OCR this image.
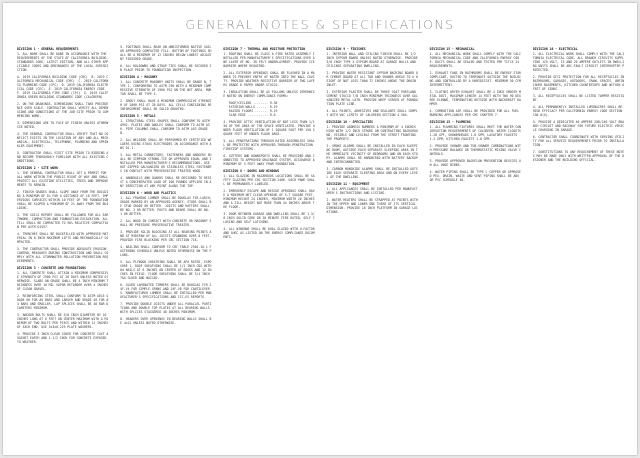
GENERAL NOTES & SPECIFICATIONS
DIVISION 1 - GENERAL REQUIREMENTS
1. ALL WORK SHALL BE DONE IN ACCORDANCE WITH THE REQUIREMENTS OF THE STATE OF CALIFORNIA BUILDING STANDARDS CODE, LATEST EDITION, AND ALL OTHER APPLICABLE CODES AND ORDINANCES OF THE LOCAL JURISDICTION.
A. 2019 CALIFORNIA BUILDING CODE (CBC)  B. 2019 CALIFORNIA MECHANICAL CODE (CMC)  C. 2019 CALIFORNIA PLUMBING CODE (CPC)  D. 2019 CALIFORNIA ELECTRICAL CODE (CEC)  E. 2019 CALIFORNIA ENERGY CODE  F. 2019 CALIFORNIA FIRE CODE (CFC)  G. 2019 CALIFORNIA GREEN BUILDING STANDARDS CODE (CALGREEN)
2. ON THE DRAWINGS, DIMENSIONS SHALL TAKE PRECEDENCE OVER SCALE. CONTRACTOR SHALL VERIFY ALL DIMENSIONS AND CONDITIONS AT THE JOB SITE PRIOR TO COMMENCING WORK.
3. DIMENSIONS ARE TO FACE OF FINISH UNLESS OTHERWISE NOTED.
4. THE GENERAL CONTRACTOR SHALL VERIFY THAT NO CONFLICT EXISTS IN THE LOCATION OF ANY AND ALL MECHANICAL, ELECTRICAL, TELEPHONE, PLUMBING AND SPRINKLER EQUIPMENT.
5. CONTRACTOR SHALL VISIT SITE PRIOR TO BIDDING AND BECOME THOROUGHLY FAMILIAR WITH ALL EXISTING CONDITIONS.
DIVISION 2 - SITE WORK
1. THE GENERAL CONTRACTOR SHALL GET A PERMIT FOR ALL WORK WITHIN THE PUBLIC RIGHT OF WAY AND SHALL PROTECT ALL EXISTING UTILITIES, TREES AND IMPROVEMENTS TO REMAIN.
2. FINISH GRADES SHALL SLOPE AWAY FROM THE BUILDING A MINIMUM OF 5% FOR A DISTANCE OF 10 FEET. IMPERVIOUS SURFACES WITHIN 10 FEET OF THE FOUNDATION SHALL BE SLOPED A MINIMUM OF 2% AWAY FROM THE BUILDING.
3. THE SOILS REPORT SHALL BE FOLLOWED FOR ALL EARTHWORK, COMPACTION AND FOUNDATION EXCAVATION. ALL FILL SHALL BE COMPACTED TO 90% RELATIVE COMPACTION PER ASTM D1557.
4. TRENCHES SHALL BE BACKFILLED WITH APPROVED MATERIAL IN 8 INCH MAXIMUM LIFTS AND MECHANICALLY COMPACTED.
5. THE CONTRACTOR SHALL PROVIDE ADEQUATE EROSION CONTROL MEASURES DURING CONSTRUCTION AND SHALL COMPLY WITH ALL STORMWATER POLLUTION PREVENTION REQUIREMENTS.
DIVISION 3 - CONCRETE AND FOUNDATIONS
1. ALL CONCRETE SHALL ATTAIN A MINIMUM COMPRESSIVE STRENGTH OF 2500 PSI AT 28 DAYS UNLESS NOTED OTHERWISE. SLABS ON GRADE SHALL BE 4 INCH MINIMUM THICKNESS OVER 10 MIL VAPOR RETARDER OVER 4 INCHES OF CLEAN GRAVEL.
2. REINFORCING STEEL SHALL CONFORM TO ASTM A615 GRADE 60 FOR #5 BARS AND LARGER AND GRADE 40 FOR #4 BARS AND SMALLER. LAP SPLICES SHALL BE 48 BAR DIAMETERS MINIMUM.
3. ANCHOR BOLTS SHALL BE 5/8 INCH DIAMETER BY 10 INCHES LONG AT 6 FEET ON CENTER MAXIMUM WITH A MINIMUM OF TWO BOLTS PER PIECE AND WITHIN 12 INCHES OF EACH END. USE 3x3x0.229 PLATE WASHERS.
4. PROVIDE 3 INCH CLEAR COVER FOR CONCRETE CAST AGAINST EARTH AND 1-1/2 INCH FOR CONCRETE EXPOSED TO WEATHER.
5. FOOTINGS SHALL BEAR ON UNDISTURBED NATIVE SOIL OR APPROVED COMPACTED FILL. BOTTOM OF FOOTINGS SHALL BE A MINIMUM OF 12 INCHES BELOW LOWEST ADJACENT FINISHED GRADE.
6. ALL HOLDOWNS AND STRAP TIES SHALL BE SECURED IN PLACE PRIOR TO FOUNDATION INSPECTION.
DIVISION 4 - MASONRY
1. ALL CONCRETE MASONRY UNITS SHALL BE GRADE N, TYPE I, CONFORMING TO ASTM C90 WITH A MINIMUM COMPRESSIVE STRENGTH OF 1900 PSI ON THE NET AREA. MORTAR SHALL BE TYPE S.
2. GROUT SHALL HAVE A MINIMUM COMPRESSIVE STRENGTH OF 2000 PSI AT 28 DAYS. ALL CELLS CONTAINING REINFORCEMENT SHALL BE SOLID GROUTED.
DIVISION 5 - METALS
1. STRUCTURAL STEEL SHAPES SHALL CONFORM TO ASTM A992. PLATES AND ANGLES SHALL CONFORM TO ASTM A36. PIPE COLUMNS SHALL CONFORM TO ASTM A53 GRADE B.
2. ALL WELDING SHALL BE PERFORMED BY CERTIFIED WELDERS USING E70XX ELECTRODES IN ACCORDANCE WITH AWS D1.1.
3. ALL METAL CONNECTORS, FASTENERS AND HANGERS SHALL BE SIMPSON STRONG-TIE OR APPROVED EQUAL AND INSTALLED PER MANUFACTURER'S RECOMMENDATIONS. USE HOT DIPPED GALVANIZED OR STAINLESS STEEL FASTENERS IN CONTACT WITH PRESERVATIVE TREATED WOOD.
4. HANDRAILS AND GUARDS SHALL BE DESIGNED TO RESIST A CONCENTRATED LOAD OF 200 POUNDS APPLIED IN ANY DIRECTION AT ANY POINT ALONG THE TOP.
DIVISION 6 - WOOD AND PLASTICS
1. ALL FRAMING LUMBER SHALL BE DOUGLAS FIR-LARCH, GRADE MARKED BY AN APPROVED AGENCY. STUDS SHALL BE STUD GRADE OR BETTER. JOISTS AND RAFTERS SHALL BE NO. 2 OR BETTER. POSTS AND BEAMS SHALL BE NO. 1 OR BETTER.
2. ALL WOOD IN CONTACT WITH CONCRETE OR MASONRY SHALL BE PRESSURE PRESERVATIVE TREATED.
3. PROVIDE SOLID BLOCKING AT ALL BEARING POINTS AND AT MIDSPAN OF ALL JOISTS SPANNING OVER 8 FEET. PROVIDE FIRE BLOCKING PER CBC SECTION 718.
4. NAILING SHALL CONFORM TO CBC TABLE 2304.10.1 FASTENING SCHEDULE UNLESS NOTED OTHERWISE ON THE PLANS.
5. ALL PLYWOOD SHEATHING SHALL BE APA RATED, EXPOSURE 1. ROOF SHEATHING SHALL BE 1/2 INCH CDX WITH 8d NAILS AT 6 INCHES ON CENTER AT EDGES AND 12 INCHES IN FIELD. FLOOR SHEATHING SHALL BE 3/4 INCH T&G GLUED AND NAILED.
6. GLUED LAMINATED TIMBERS SHALL BE DOUGLAS FIR 24F-V4 FOR SIMPLE SPANS AND 24F-V8 FOR CANTILEVERS. MANUFACTURED LUMBER SHALL BE INSTALLED PER MANUFACTURER'S SPECIFICATIONS AND ICC-ES REPORTS.
7. PROVIDE DOUBLE JOISTS UNDER ALL PARALLEL PARTITIONS AND DOUBLE TOP PLATES AT ALL BEARING WALLS WITH SPLICES STAGGERED 48 INCHES MINIMUM.
8. HEADERS OVER OPENINGS IN BEARING WALLS SHALL BE 4x12 UNLESS NOTED OTHERWISE.
DIVISION 7 - THERMAL AND MOISTURE PROTECTION
1. ROOFING SHALL BE CLASS A FIRE RATED ASSEMBLY INSTALLED PER MANUFACTURER'S SPECIFICATIONS OVER ONE LAYER OF NO. 30 FELT UNDERLAYMENT. PROVIDE ICE BARRIER WHERE REQUIRED.
2. ALL EXTERIOR OPENINGS SHALL BE FLASHED IN A MANNER TO PREVENT ENTRY OF WATER INTO THE WALL CAVITY. PROVIDE WEATHER RESISTIVE BARRIER OF TWO LAYERS GRADE D PAPER UNDER STUCCO.
3. INSULATION SHALL BE AS FOLLOWS UNLESS OTHERWISE NOTED ON ENERGY COMPLIANCE FORMS:
ROOF/CEILING ........ R-38
EXTERIOR WALLS ...... R-19
RAISED FLOORS ....... R-19
SLAB EDGE ........... R-0
4. PROVIDE ATTIC VENTILATION OF NOT LESS THAN 1/150 OF THE AREA OF THE SPACE VENTILATED. PROVIDE UNDER FLOOR VENTILATION OF 1 SQUARE FOOT PER 150 SQUARE FEET OF UNDER FLOOR AREA.
5. ALL PENETRATIONS THROUGH RATED ASSEMBLIES SHALL BE PROTECTED WITH APPROVED THROUGH-PENETRATION FIRESTOP SYSTEMS.
6. GUTTERS AND DOWNSPOUTS SHALL BE PROVIDED AND CONNECTED TO APPROVED DRAINAGE SYSTEM. DISCHARGE A MINIMUM OF 5 FEET AWAY FROM FOUNDATION.
DIVISION 8 - DOORS AND WINDOWS
1. ALL GLAZING IN HAZARDOUS LOCATIONS SHALL BE SAFETY GLAZING PER CBC SECTION 2406. EACH PANE SHALL BE PERMANENTLY LABELED.
2. EMERGENCY ESCAPE AND RESCUE OPENINGS SHALL HAVE A MINIMUM NET CLEAR OPENING OF 5.7 SQUARE FEET, MINIMUM HEIGHT 24 INCHES, MINIMUM WIDTH 20 INCHES AND A SILL HEIGHT NOT MORE THAN 44 INCHES ABOVE THE FLOOR.
3. DOOR BETWEEN GARAGE AND DWELLING SHALL BE 1-3/8 INCH SOLID CORE OR 20 MINUTE FIRE RATED, SELF CLOSING AND SELF LATCHING.
4. ALL WINDOWS SHALL BE DUAL GLAZED WITH U-FACTOR AND SHGC AS LISTED ON THE ENERGY COMPLIANCE DOCUMENTS.
DIVISION 9 - FINISHES
1. INTERIOR WALL AND CEILING FINISH SHALL BE 1/2 INCH GYPSUM BOARD UNLESS NOTED OTHERWISE. PROVIDE 5/8 INCH TYPE X GYPSUM BOARD AT GARAGE WALLS AND CEILINGS SEPARATING DWELLING.
2. PROVIDE WATER RESISTANT GYPSUM BACKING BOARD OR CEMENT BOARD AT ALL TUB AND SHOWER AREAS TO A HEIGHT OF NOT LESS THAN 72 INCHES ABOVE THE DRAIN INLET.
3. EXTERIOR PLASTER SHALL BE THREE COAT PORTLAND CEMENT STUCCO 7/8 INCH MINIMUM THICKNESS OVER GALVANIZED METAL LATH. PROVIDE WEEP SCREED AT FOUNDATION PLATE LINE.
4. ALL PAINTS, ADHESIVES AND SEALANTS SHALL COMPLY WITH VOC LIMITS OF CALGREEN SECTION 4.504.
DIVISION 10 - SPECIALTIES
1. PROVIDE ADDRESS NUMBERS A MINIMUM OF 4 INCHES HIGH WITH 1/2 INCH STROKE ON CONTRASTING BACKGROUND, VISIBLE AND LEGIBLE FROM THE STREET FRONTING THE PROPERTY.
2. SMOKE ALARMS SHALL BE INSTALLED IN EACH SLEEPING ROOM, OUTSIDE EACH SEPARATE SLEEPING AREA IN THE IMMEDIATE VICINITY OF BEDROOMS AND ON EACH STORY. ALARMS SHALL BE HARDWIRED WITH BATTERY BACKUP AND INTERCONNECTED.
3. CARBON MONOXIDE ALARMS SHALL BE INSTALLED OUTSIDE EACH SEPARATE SLEEPING AREA AND ON EVERY LEVEL OF THE DWELLING.
DIVISION 11 - EQUIPMENT
1. ALL APPLIANCES SHALL BE INSTALLED PER MANUFACTURER'S INSTRUCTIONS AND LISTING.
2. WATER HEATERS SHALL BE STRAPPED AT POINTS WITHIN THE UPPER AND LOWER ONE THIRD OF ITS VERTICAL DIMENSION. PROVIDE 18 INCH PLATFORM IN GARAGE LOCATIONS.
DIVISION 15 - MECHANICAL
1. ALL MECHANICAL WORK SHALL COMPLY WITH THE CALIFORNIA MECHANICAL CODE AND CALIFORNIA ENERGY CODE. DUCTS SHALL BE SEALED AND TESTED PER TITLE 24 REQUIREMENTS.
2. EXHAUST FANS IN BATHROOMS SHALL BE ENERGY STAR COMPLIANT, DUCTED TO TERMINATE OUTSIDE THE BUILDING AND CONTROLLED BY A HUMIDISTAT. MINIMUM 50 CFM INTERMITTENT.
3. CLOTHES DRYER EXHAUST SHALL BE 4 INCH SMOOTH METAL DUCT, MAXIMUM LENGTH 14 FEET WITH TWO 90 DEGREE ELBOWS, TERMINATING OUTSIDE WITH BACKDRAFT DAMPER.
4. COMBUSTION AIR SHALL BE PROVIDED FOR ALL FUEL BURNING APPLIANCES PER CMC CHAPTER 7.
DIVISION 15 - PLUMBING
1. ALL PLUMBING FIXTURES SHALL MEET THE WATER CONSERVATION REQUIREMENTS OF CALGREEN: WATER CLOSETS 1.28 GPF, SHOWERHEADS 1.8 GPM, LAVATORY FAUCETS 1.2 GPM, KITCHEN FAUCETS 1.8 GPM.
2. PROVIDE SHOWER AND TUB-SHOWER COMBINATIONS WITH PRESSURE BALANCE OR THERMOSTATIC MIXING VALVE CONTROLS.
3. PROVIDE APPROVED BACKFLOW PREVENTION DEVICES ON ALL HOSE BIBBS.
4. WATER PIPING SHALL BE TYPE L COPPER OR APPROVED PEX. DRAIN, WASTE AND VENT PIPING SHALL BE ABS OR PVC SCHEDULE 40.
DIVISION 16 - ELECTRICAL
1. ALL ELECTRICAL WORK SHALL COMPLY WITH THE CALIFORNIA ELECTRICAL CODE. ALL BRANCH CIRCUITS SUPPLYING 125 VOLT, 15 AND 20 AMPERE OUTLETS IN DWELLING UNITS SHALL BE ARC-FAULT CIRCUIT INTERRUPTER PROTECTED.
2. PROVIDE GFCI PROTECTION FOR ALL RECEPTACLES IN BATHROOMS, GARAGES, OUTDOORS, CRAWL SPACES, UNFINISHED BASEMENTS, KITCHEN COUNTERTOPS AND WITHIN 6 FEET OF SINKS.
3. ALL RECEPTACLES SHALL BE LISTED TAMPER RESISTANT.
4. ALL PERMANENTLY INSTALLED LUMINAIRES SHALL BE HIGH EFFICACY PER CALIFORNIA ENERGY CODE SECTION 150.0(k).
5. PROVIDE A DEDICATED 40 AMPERE 208/240 VOLT BRANCH CIRCUIT AND RACEWAY FOR FUTURE ELECTRIC VEHICLE CHARGING IN GARAGE.
6. CONTRACTOR SHALL COORDINATE WITH SERVING UTILITY FOR ALL SERVICE REQUIREMENTS PRIOR TO INSTALLATION.
7. SUBSTITUTIONS TO ANY REQUIREMENT OF THESE NOTES MAY BE MADE ONLY WITH WRITTEN APPROVAL OF THE DESIGNER AND THE BUILDING OFFICIAL.
